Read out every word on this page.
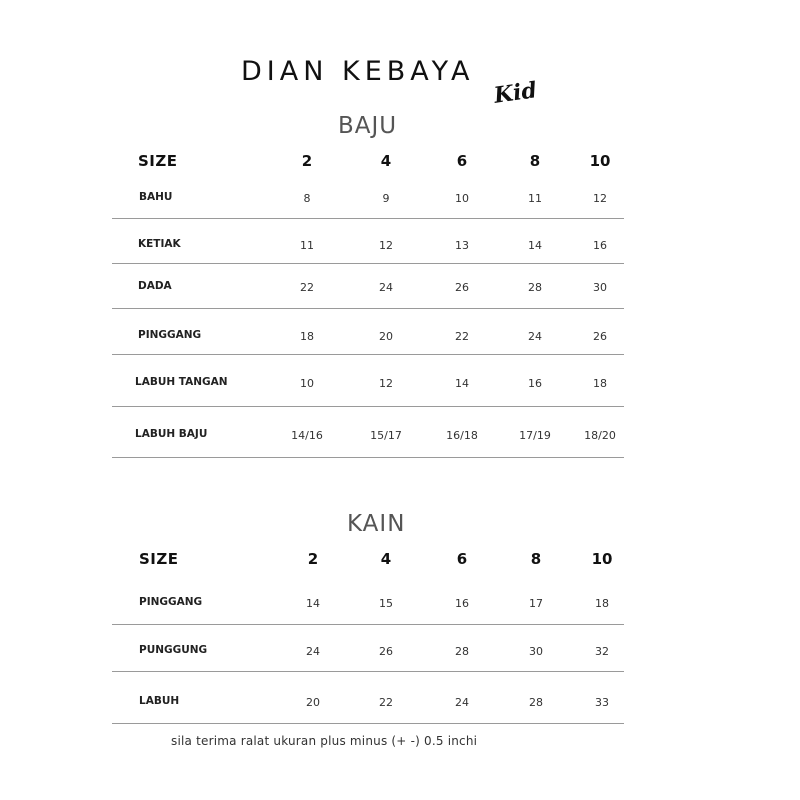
DIAN KEBAYA
Kid
BAJU
SIZE	2	4	6	8	10
BAHU	8	9	10	11	12
KETIAK	11	12	13	14	16
DADA	22	24	26	28	30
PINGGANG	18	20	22	24	26
LABUH TANGAN	10	12	14	16	18
LABUH BAJU	14/16	15/17	16/18	17/19	18/20
KAIN
SIZE	2	4	6	8	10
PINGGANG	14	15	16	17	18
PUNGGUNG	24	26	28	30	32
LABUH	20	22	24	28	33
sila terima ralat ukuran plus minus (+ -) 0.5 inchi
